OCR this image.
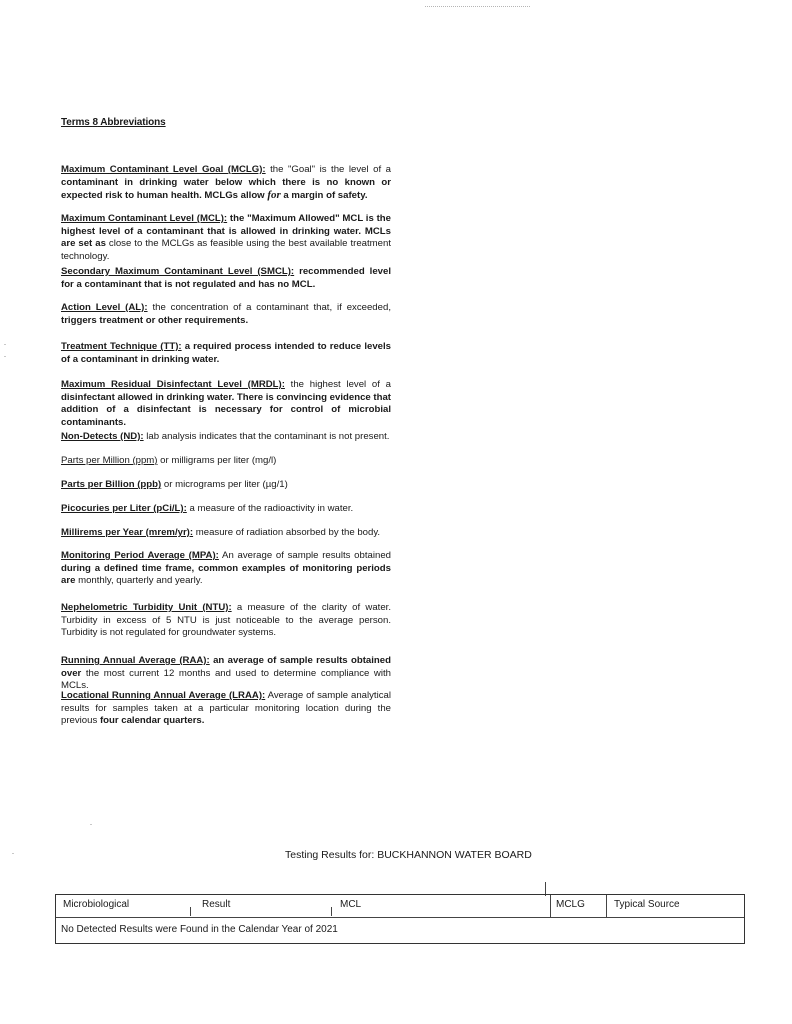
Terms 8 Abbreviations

Maximum Contaminant Level Goal (MCLG): the "Goal" is the level of a contaminant in drinking water below which there is no known or expected risk to human health. MCLGs allow for a margin of safety.

Maximum Contaminant Level (MCL): the "Maximum Allowed" MCL is the highest level of a contaminant that is allowed in drinking water. MCLs are set as close to the MCLGs as feasible using the best available treatment technology.

Secondary Maximum Contaminant Level (SMCL): recommended level for a contaminant that is not regulated and has no MCL.

Action Level (AL): the concentration of a contaminant that, if exceeded, triggers treatment or other requirements.

Treatment Technique (TT): a required process intended to reduce levels of a contaminant in drinking water.

Maximum Residual Disinfectant Level (MRDL): the highest level of a disinfectant allowed in drinking water. There is convincing evidence that addition of a disinfectant is necessary for control of microbial contaminants.

Non-Detects (ND): lab analysis indicates that the contaminant is not present.

Parts per Million (ppm) or milligrams per liter (mg/l)

Parts per Billion (ppb) or micrograms per liter (µg/1)

Picocuries per Liter (pCi/L): a measure of the radioactivity in water.

Millirems per Year (mrem/yr): measure of radiation absorbed by the body.

Monitoring Period Average (MPA): An average of sample results obtained during a defined time frame, common examples of monitoring periods are monthly, quarterly and yearly.

Nephelometric Turbidity Unit (NTU): a measure of the clarity of water. Turbidity in excess of 5 NTU is just noticeable to the average person. Turbidity is not regulated for groundwater systems.

Running Annual Average (RAA): an average of sample results obtained over the most current 12 months and used to determine compliance with MCLs.

Locational Running Annual Average (LRAA): Average of sample analytical results for samples taken at a particular monitoring location during the previous four calendar quarters.

Testing Results for: BUCKHANNON WATER BOARD
Microbiological	Result	MCL	MCLG	Typical Source
No Detected Results were Found in the Calendar Year of 2021
